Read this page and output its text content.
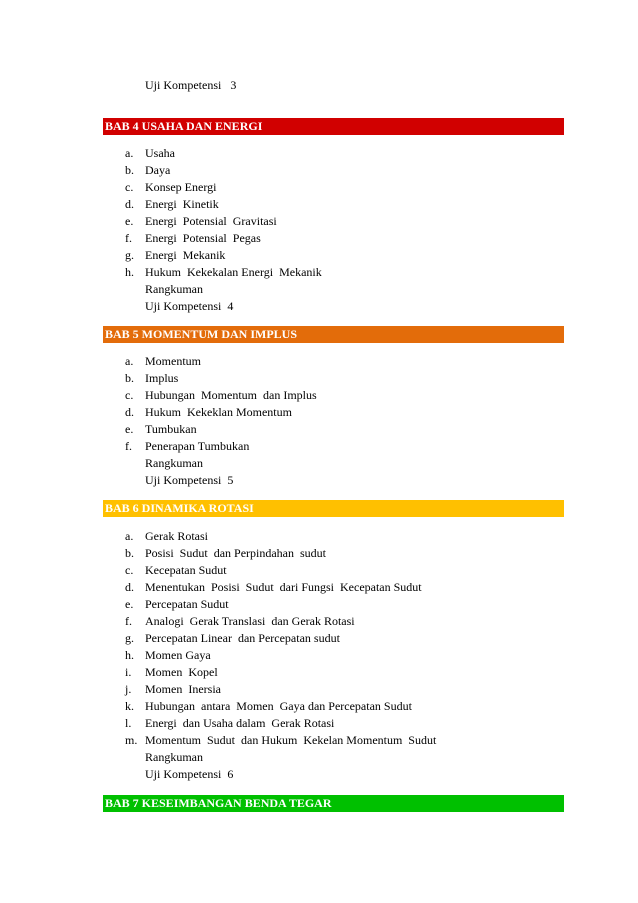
Uji Kompetensi   3
BAB 4 USAHA DAN ENERGI
a. Usaha
b. Daya
c. Konsep Energi
d. Energi  Kinetik
e. Energi  Potensial  Gravitasi
f. Energi  Potensial  Pegas
g. Energi  Mekanik
h. Hukum  Kekekalan Energi  Mekanik
Rangkuman
Uji Kompetensi  4
BAB 5 MOMENTUM DAN IMPLUS
a. Momentum
b. Implus
c. Hubungan  Momentum  dan Implus
d. Hukum  Kekeklan Momentum
e. Tumbukan
f. Penerapan Tumbukan
Rangkuman
Uji Kompetensi  5
BAB 6 DINAMIKA ROTASI
a. Gerak Rotasi
b. Posisi  Sudut  dan Perpindahan  sudut
c. Kecepatan Sudut
d. Menentukan  Posisi  Sudut  dari Fungsi  Kecepatan Sudut
e. Percepatan Sudut
f. Analogi  Gerak Translasi  dan Gerak Rotasi
g. Percepatan Linear  dan Percepatan sudut
h. Momen Gaya
i. Momen  Kopel
j. Momen  Inersia
k. Hubungan  antara  Momen  Gaya dan Percepatan Sudut
l. Energi  dan Usaha dalam  Gerak Rotasi
m. Momentum  Sudut  dan Hukum  Kekelan Momentum  Sudut
Rangkuman
Uji Kompetensi  6
BAB 7 KESEIMBANGAN BENDA TEGAR
